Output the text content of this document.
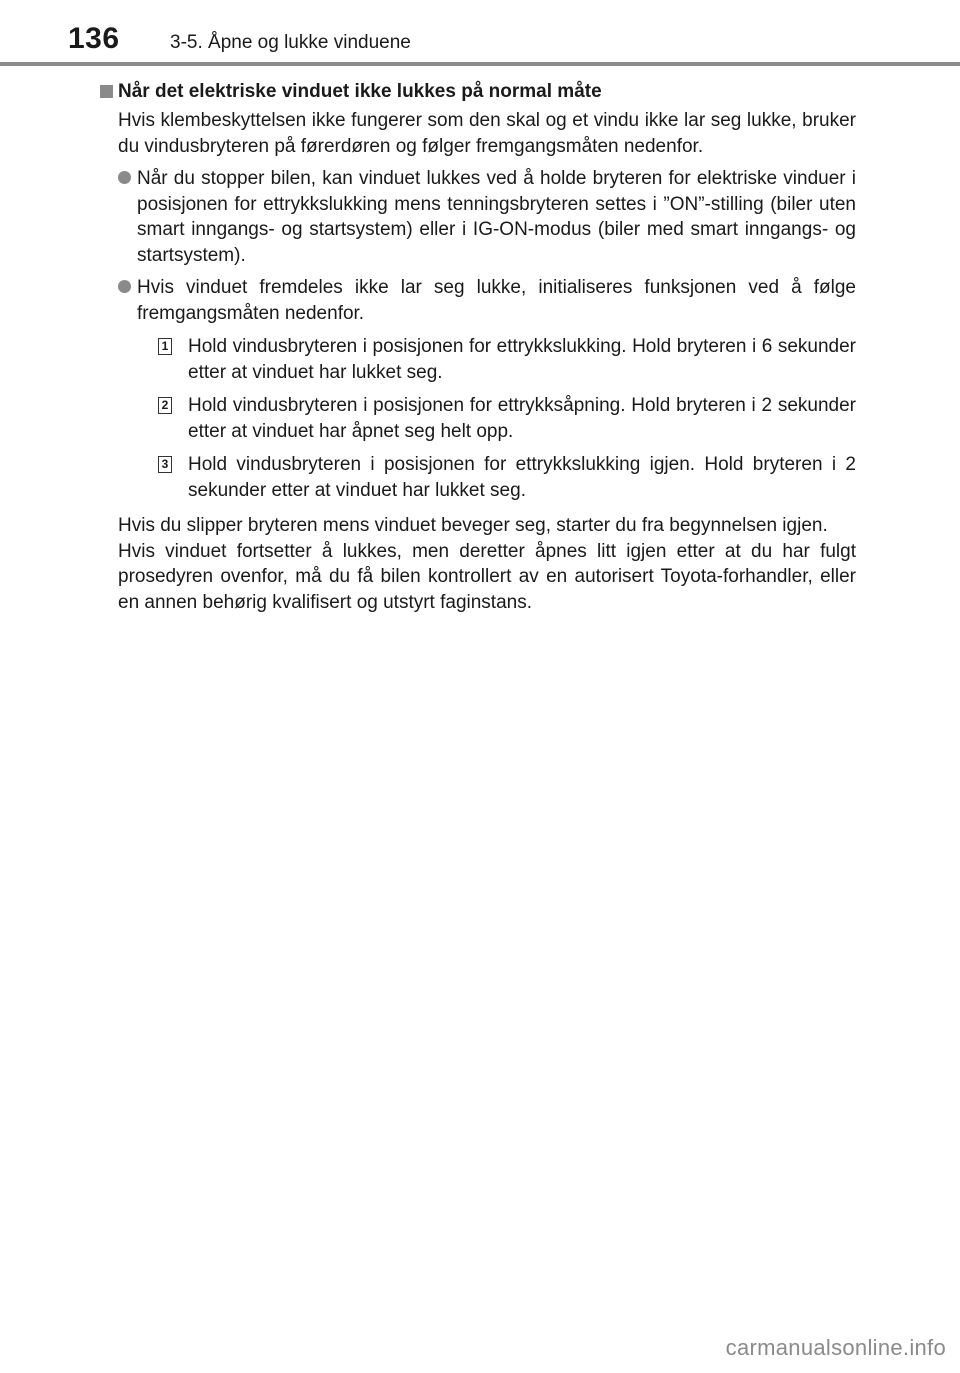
136	3-5. Åpne og lukke vinduene
Når det elektriske vinduet ikke lukkes på normal måte

Hvis klembeskyttelsen ikke fungerer som den skal og et vindu ikke lar seg lukke, bruker du vindusbryteren på førerdøren og følger fremgangsmåten nedenfor.

Når du stopper bilen, kan vinduet lukkes ved å holde bryteren for elektriske vinduer i posisjonen for ettrykkslukking mens tenningsbryteren settes i ”ON”-stilling (biler uten smart inngangs- og startsystem) eller i IG-ON-modus (biler med smart inngangs- og startsystem).

Hvis vinduet fremdeles ikke lar seg lukke, initialiseres funksjonen ved å følge fremgangsmåten nedenfor.

1 Hold vindusbryteren i posisjonen for ettrykkslukking. Hold bryteren i 6 sekunder etter at vinduet har lukket seg.

2 Hold vindusbryteren i posisjonen for ettrykksåpning. Hold bryteren i 2 sekunder etter at vinduet har åpnet seg helt opp.

3 Hold vindusbryteren i posisjonen for ettrykkslukking igjen. Hold bryteren i 2 sekunder etter at vinduet har lukket seg.

Hvis du slipper bryteren mens vinduet beveger seg, starter du fra begynnelsen igjen.

Hvis vinduet fortsetter å lukkes, men deretter åpnes litt igjen etter at du har fulgt prosedyren ovenfor, må du få bilen kontrollert av en autorisert Toyota-forhandler, eller en annen behørig kvalifisert og utstyrt faginstans.

carmanualsonline.info
